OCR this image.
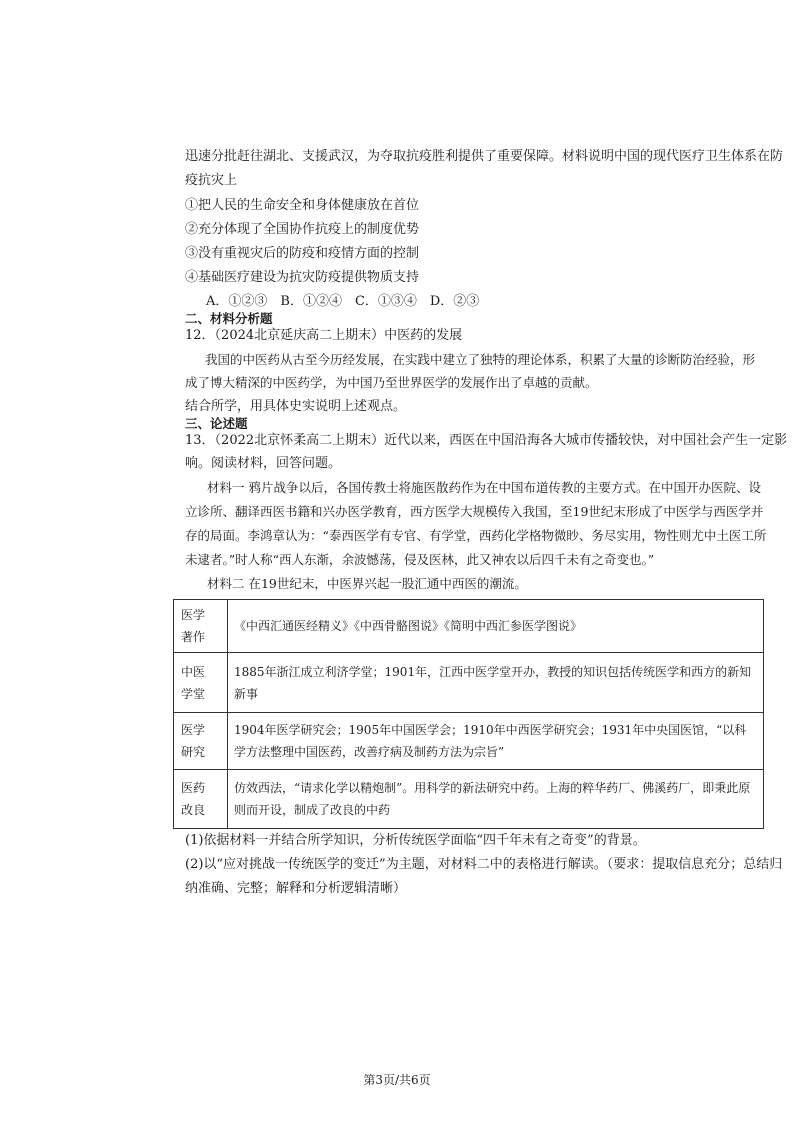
迅速分批赶往湖北、支援武汉，为夺取抗疫胜利提供了重要保障。材料说明中国的现代医疗卫生体系在防
疫抗灾上
①把人民的生命安全和身体健康放在首位
②充分体现了全国协作抗疫上的制度优势
③没有重视灾后的防疫和疫情方面的控制
④基础医疗建设为抗灾防疫提供物质支持
A．①②③　B．①②④　C．①③④　D．②③
二、材料分析题
12．（2024北京延庆高二上期末）中医药的发展
我国的中医药从古至今历经发展，在实践中建立了独特的理论体系，积累了大量的诊断防治经验，形
成了博大精深的中医药学，为中国乃至世界医学的发展作出了卓越的贡献。
结合所学，用具体史实说明上述观点。
三、论述题
13．（2022北京怀柔高二上期末）近代以来，西医在中国沿海各大城市传播较快，对中国社会产生一定影
响。阅读材料，回答问题。
材料一 鸦片战争以后，各国传教士将施医散药作为在中国布道传教的主要方式。在中国开办医院、设
立诊所、翻译西医书籍和兴办医学教育，西方医学大规模传入我国，至19世纪末形成了中医学与西医学并
存的局面。李鸿章认为：“泰西医学有专官、有学堂，西药化学格物微眇、务尽实用，物性则尤中土医工所
未逮者。”时人称“西人东渐，余波憾荡，侵及医林，此又神农以后四千未有之奇变也。”
材料二 在19世纪末，中医界兴起一股汇通中西医的潮流。
医学
著作	《中西汇通医经精义》《中西骨骼图说》《简明中西汇参医学图说》
中医
学堂	1885年浙江成立利济学堂；1901年，江西中医学堂开办，教授的知识包括传统医学和西方的新知新事
医学
研究	1904年医学研究会；1905年中国医学会；1910年中西医学研究会；1931年中央国医馆，“以科学方法整理中国医药，改善疗病及制药方法为宗旨”
医药
改良	仿效西法，“请求化学以精炮制”。用科学的新法研究中药。上海的粹华药厂、佛溪药厂，即秉此原则而开设，制成了改良的中药
(1)依据材料一并结合所学知识，分析传统医学面临“四千年未有之奇变”的背景。
(2)以“应对挑战一传统医学的变迁”为主题，对材料二中的表格进行解读。（要求：提取信息充分；总结归
纳准确、完整；解释和分析逻辑清晰）
第3页/共6页
